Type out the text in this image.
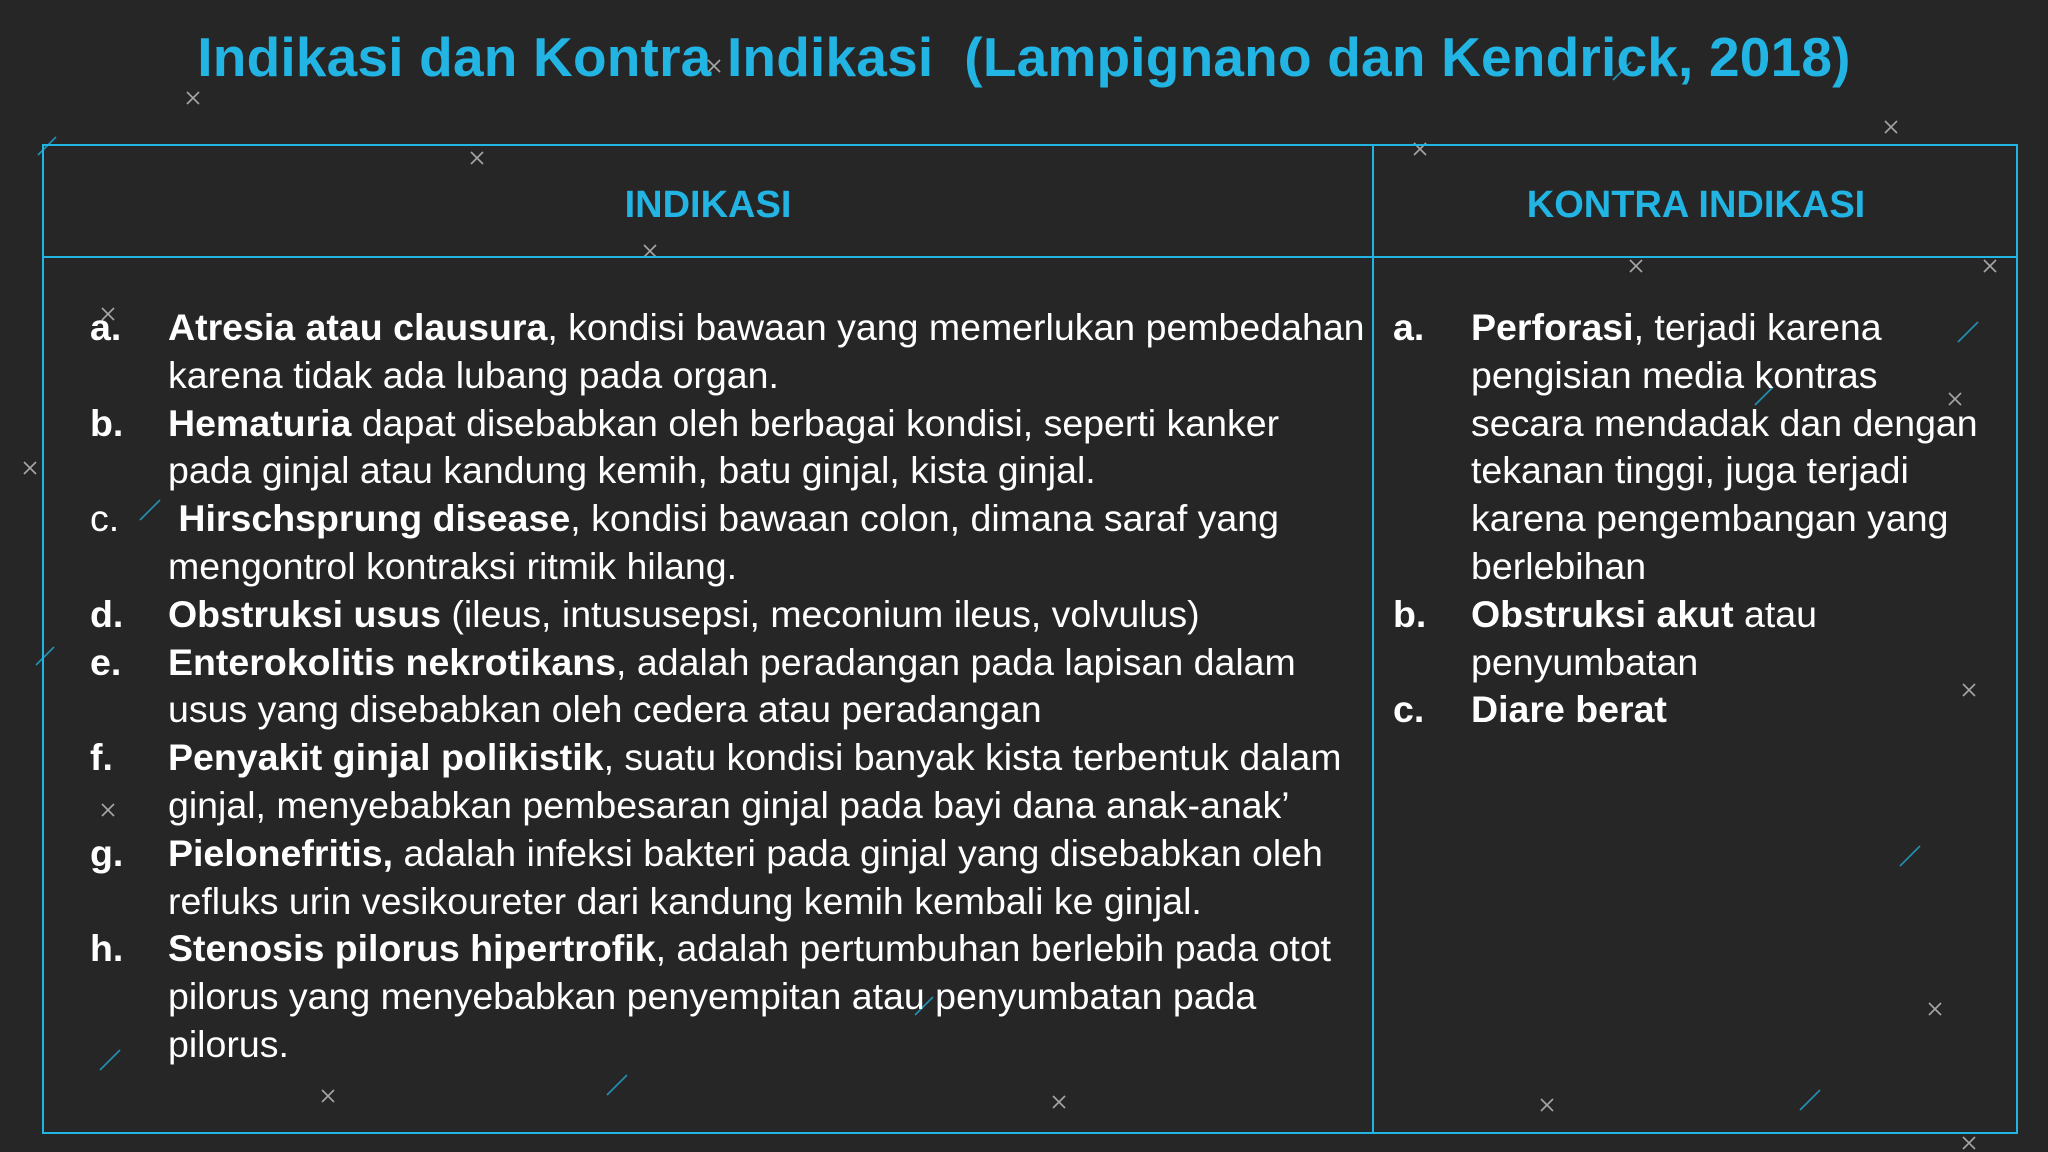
Indikasi dan Kontra Indikasi  (Lampignano dan Kendrick, 2018)
INDIKASI	KONTRA INDIKASI
a. Atresia atau clausura, kondisi bawaan yang memerlukan pembedahan karena tidak ada lubang pada organ.
b. Hematuria dapat disebabkan oleh berbagai kondisi, seperti kanker pada ginjal atau kandung kemih, batu ginjal, kista ginjal.
c. Hirschsprung disease, kondisi bawaan colon, dimana saraf yang mengontrol kontraksi ritmik hilang.
d. Obstruksi usus (ileus, intususepsi, meconium ileus, volvulus)
e. Enterokolitis nekrotikans, adalah peradangan pada lapisan dalam usus yang disebabkan oleh cedera atau peradangan
f. Penyakit ginjal polikistik, suatu kondisi banyak kista terbentuk dalam ginjal, menyebabkan pembesaran ginjal pada bayi dana anak-anak’
g. Pielonefritis, adalah infeksi bakteri pada ginjal yang disebabkan oleh refluks urin vesikoureter dari kandung kemih kembali ke ginjal.
h. Stenosis pilorus hipertrofik, adalah pertumbuhan berlebih pada otot pilorus yang menyebabkan penyempitan atau penyumbatan pada pilorus.
a. Perforasi, terjadi karena pengisian media kontras secara mendadak dan dengan tekanan tinggi, juga terjadi karena pengembangan yang berlebihan
b. Obstruksi akut atau penyumbatan
c. Diare berat
